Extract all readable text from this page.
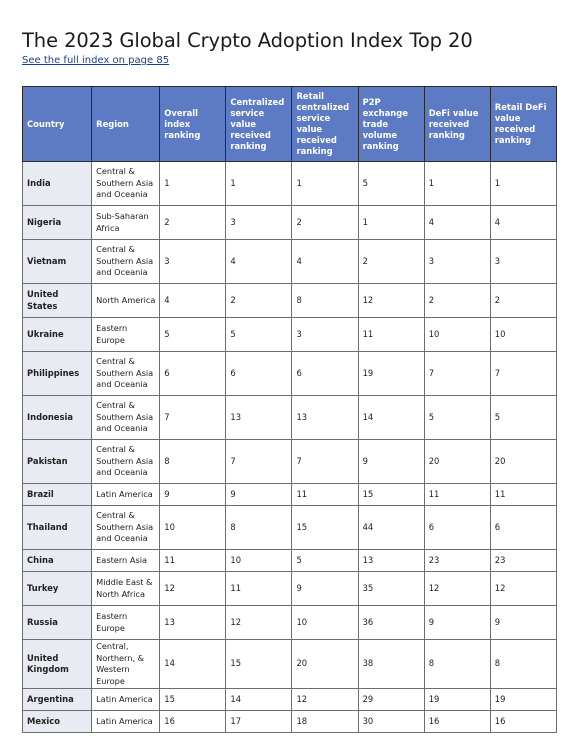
The 2023 Global Crypto Adoption Index Top 20
See the full index on page 85
Country	Region	Overall index ranking	Centralized service value received ranking	Retail centralized service value received ranking	P2P exchange trade volume ranking	DeFi value received ranking	Retail DeFi value received ranking
India	Central & Southern Asia and Oceania	1	1	1	5	1	1
Nigeria	Sub-Saharan Africa	2	3	2	1	4	4
Vietnam	Central & Southern Asia and Oceania	3	4	4	2	3	3
United States	North America	4	2	8	12	2	2
Ukraine	Eastern Europe	5	5	3	11	10	10
Philippines	Central & Southern Asia and Oceania	6	6	6	19	7	7
Indonesia	Central & Southern Asia and Oceania	7	13	13	14	5	5
Pakistan	Central & Southern Asia and Oceania	8	7	7	9	20	20
Brazil	Latin America	9	9	11	15	11	11
Thailand	Central & Southern Asia and Oceania	10	8	15	44	6	6
China	Eastern Asia	11	10	5	13	23	23
Turkey	Middle East & North Africa	12	11	9	35	12	12
Russia	Eastern Europe	13	12	10	36	9	9
United Kingdom	Central, Northern, & Western Europe	14	15	20	38	8	8
Argentina	Latin America	15	14	12	29	19	19
Mexico	Latin America	16	17	18	30	16	16
